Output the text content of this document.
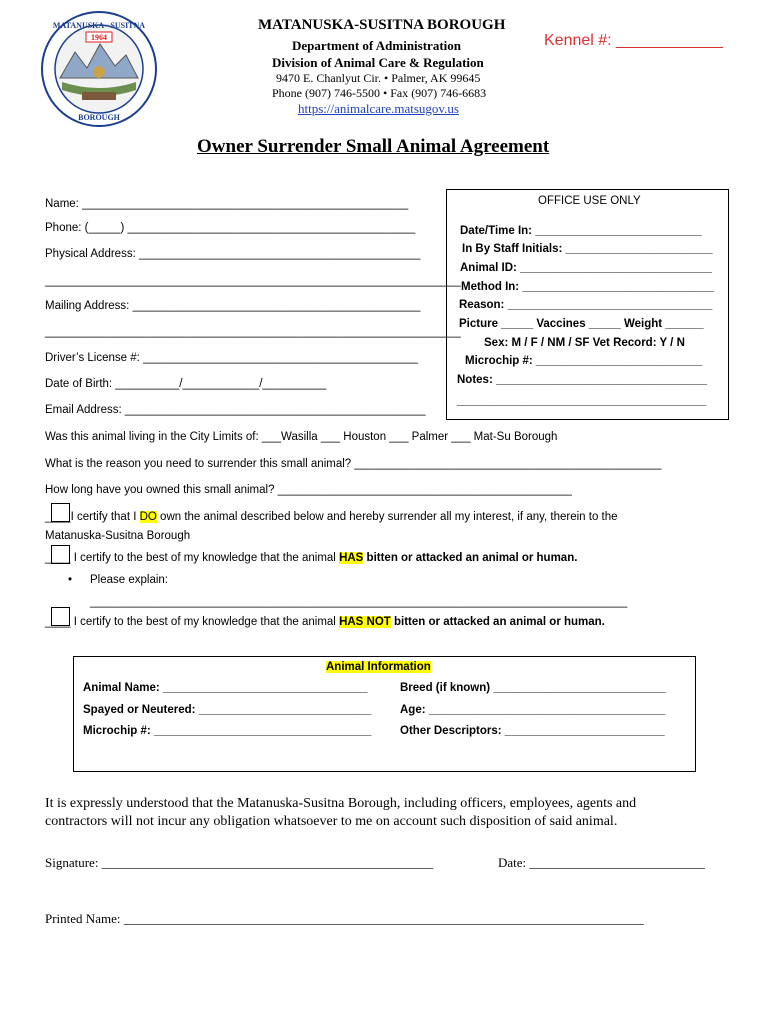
MATANUSKA · SUSITNA
1964
BOROUGH
MATANUSKA-SUSITNA BOROUGH
Department of Administration
Division of Animal Care & Regulation
9470 E. Chanlyut Cir. • Palmer, AK 99645
Phone (907) 746-5500 • Fax (907) 746-6683
https://animalcare.matsugov.us
Kennel #: ____________
Owner Surrender Small Animal Agreement
Name: ___________________________________________________
Phone: (_____) _____________________________________________
Physical Address: ____________________________________________
_________________________________________________________________
Mailing Address: _____________________________________________
_________________________________________________________________
Driver’s License #: ___________________________________________
Date of Birth: __________/____________/__________
Email Address: _______________________________________________
OFFICE USE ONLY
Date/Time In: __________________________
In By Staff Initials: _______________________
Animal ID: ______________________________
Method In: ______________________________
Reason: ________________________________
Picture _____ Vaccines _____ Weight ______
Sex: M / F / NM / SF Vet Record: Y / N
Microchip #: __________________________
Notes: _________________________________
_______________________________________
Was this animal living in the City Limits of: ___Wasilla ___ Houston ___ Palmer ___ Mat-Su Borough
What is the reason you need to surrender this small animal? ________________________________________________
How long have you owned this small animal? ______________________________________________
____I certify that I DO own the animal described below and hereby surrender all my interest, if any, therein to the
Matanuska-Susitna Borough
____ I certify to the best of my knowledge that the animal HAS bitten or attacked an animal or human.
• Please explain:
____________________________________________________________________________________
____ I certify to the best of my knowledge that the animal HAS NOT bitten or attacked an animal or human.
Animal Information
Animal Name: ________________________________
Spayed or Neutered: ___________________________
Microchip #: __________________________________
Breed (if known) ___________________________
Age: _____________________________________
Other Descriptors: _________________________
It is expressly understood that the Matanuska-Susitna Borough, including officers, employees, agents and
contractors will not incur any obligation whatsoever to me on account such disposition of said animal.
Signature: ___________________________________________________	Date: ___________________________
Printed Name: ________________________________________________________________________________
